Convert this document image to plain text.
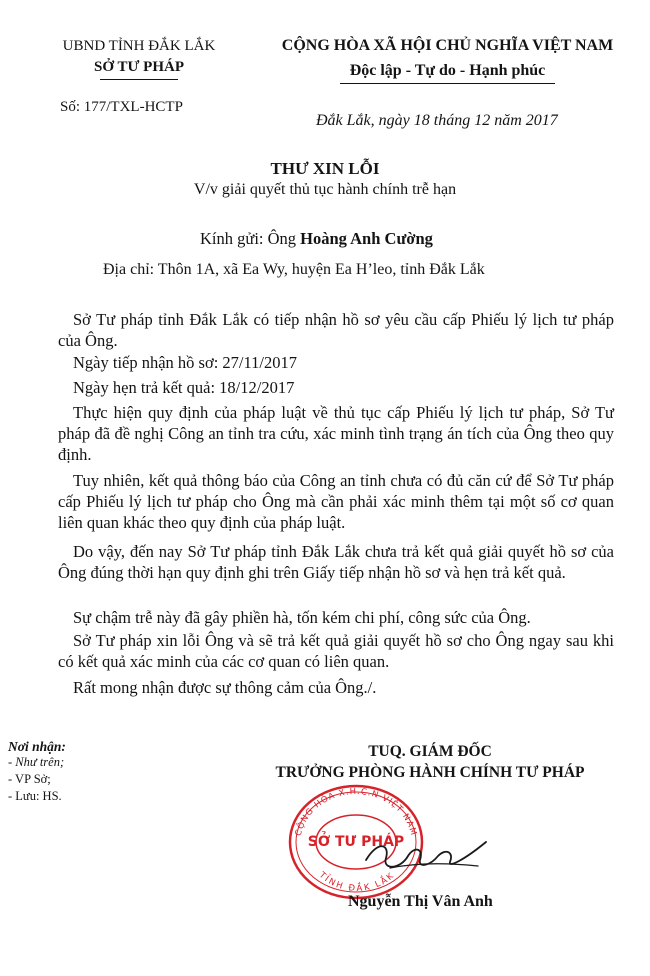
UBND TỈNH ĐẮK LẮK
SỞ TƯ PHÁP
Số: 177/TXL-HCTP
CỘNG HÒA XÃ HỘI CHỦ NGHĨA VIỆT NAM
Độc lập - Tự do - Hạnh phúc
Đắk Lắk, ngày 18 tháng 12 năm 2017
THƯ XIN LỖI
V/v giải quyết thủ tục hành chính trễ hạn
Kính gửi: Ông Hoàng Anh Cường
Địa chỉ: Thôn 1A, xã Ea Wy, huyện Ea H’leo, tỉnh Đắk Lắk
Sở Tư pháp tỉnh Đắk Lắk có tiếp nhận hồ sơ yêu cầu cấp Phiếu lý lịch tư pháp của Ông.
Ngày tiếp nhận hồ sơ: 27/11/2017
Ngày hẹn trả kết quả: 18/12/2017
Thực hiện quy định của pháp luật về thủ tục cấp Phiếu lý lịch tư pháp, Sở Tư pháp đã đề nghị Công an tỉnh tra cứu, xác minh tình trạng án tích của Ông theo quy định.
Tuy nhiên, kết quả thông báo của Công an tỉnh chưa có đủ căn cứ để Sở Tư pháp cấp Phiếu lý lịch tư pháp cho Ông mà cần phải xác minh thêm tại một số cơ quan liên quan khác theo quy định của pháp luật.
Do vậy, đến nay Sở Tư pháp tỉnh Đắk Lắk chưa trả kết quả giải quyết hồ sơ của Ông đúng thời hạn quy định ghi trên Giấy tiếp nhận hồ sơ và hẹn trả kết quả.
Sự chậm trễ này đã gây phiền hà, tốn kém chi phí, công sức của Ông.
Sở Tư pháp xin lỗi Ông và sẽ trả kết quả giải quyết hồ sơ cho Ông ngay sau khi có kết quả xác minh của các cơ quan có liên quan.
Rất mong nhận được sự thông cảm của Ông./.
Nơi nhận:
- Như trên;
- VP Sở;
- Lưu: HS.
TUQ. GIÁM ĐỐC
TRƯỞNG PHÒNG HÀNH CHÍNH TƯ PHÁP
CỘNG HÒA X.H.C.N VIỆT NAM
TỈNH ĐẮK LẮK
SỞ TƯ PHÁP
Nguyễn Thị Vân Anh
